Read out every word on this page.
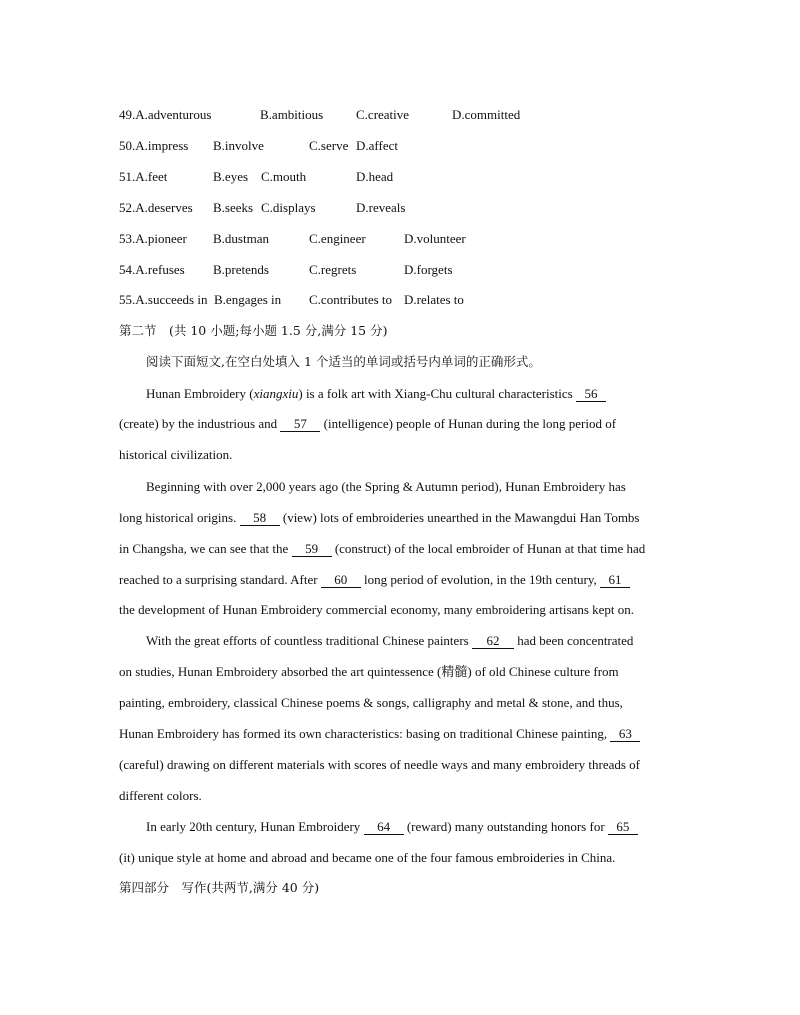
49.A.adventurous	B.ambitious	C.creative	D.committed
50.A.impress B.involve	C.serve D.affect
51.A.feet	B.eyes C.mouth	D.head
52.A.deserves B.seeks C.displays	D.reveals
53.A.pioneer B.dustman	C.engineer	D.volunteer
54.A.refuses B.pretends	C.regrets	D.forgets
55.A.succeeds in B.engages in C.contributes to D.relates to
第二节　(共 10 小题;每小题 1.5 分,满分 15 分)
阅读下面短文,在空白处填入 1 个适当的单词或括号内单词的正确形式。
Hunan Embroidery (xiangxiu) is a folk art with Xiang-Chu cultural characteristics 56
(create) by the industrious and 57 (intelligence) people of Hunan during the long period of
historical civilization.
Beginning with over 2,000 years ago (the Spring & Autumn period), Hunan Embroidery has
long historical origins. 58 (view) lots of embroideries unearthed in the Mawangdui Han Tombs
in Changsha, we can see that the 59 (construct) of the local embroider of Hunan at that time had
reached to a surprising standard. After 60 long period of evolution, in the 19th century, 61
the development of Hunan Embroidery commercial economy, many embroidering artisans kept on.
With the great efforts of countless traditional Chinese painters 62 had been concentrated
on studies, Hunan Embroidery absorbed the art quintessence (精髓) of old Chinese culture from
painting, embroidery, classical Chinese poems & songs, calligraphy and metal & stone, and thus,
Hunan Embroidery has formed its own characteristics: basing on traditional Chinese painting, 63
(careful) drawing on different materials with scores of needle ways and many embroidery threads of
different colors.
In early 20th century, Hunan Embroidery 64 (reward) many outstanding honors for 65
(it) unique style at home and abroad and became one of the four famous embroideries in China.
第四部分　写作(共两节,满分 40 分)
